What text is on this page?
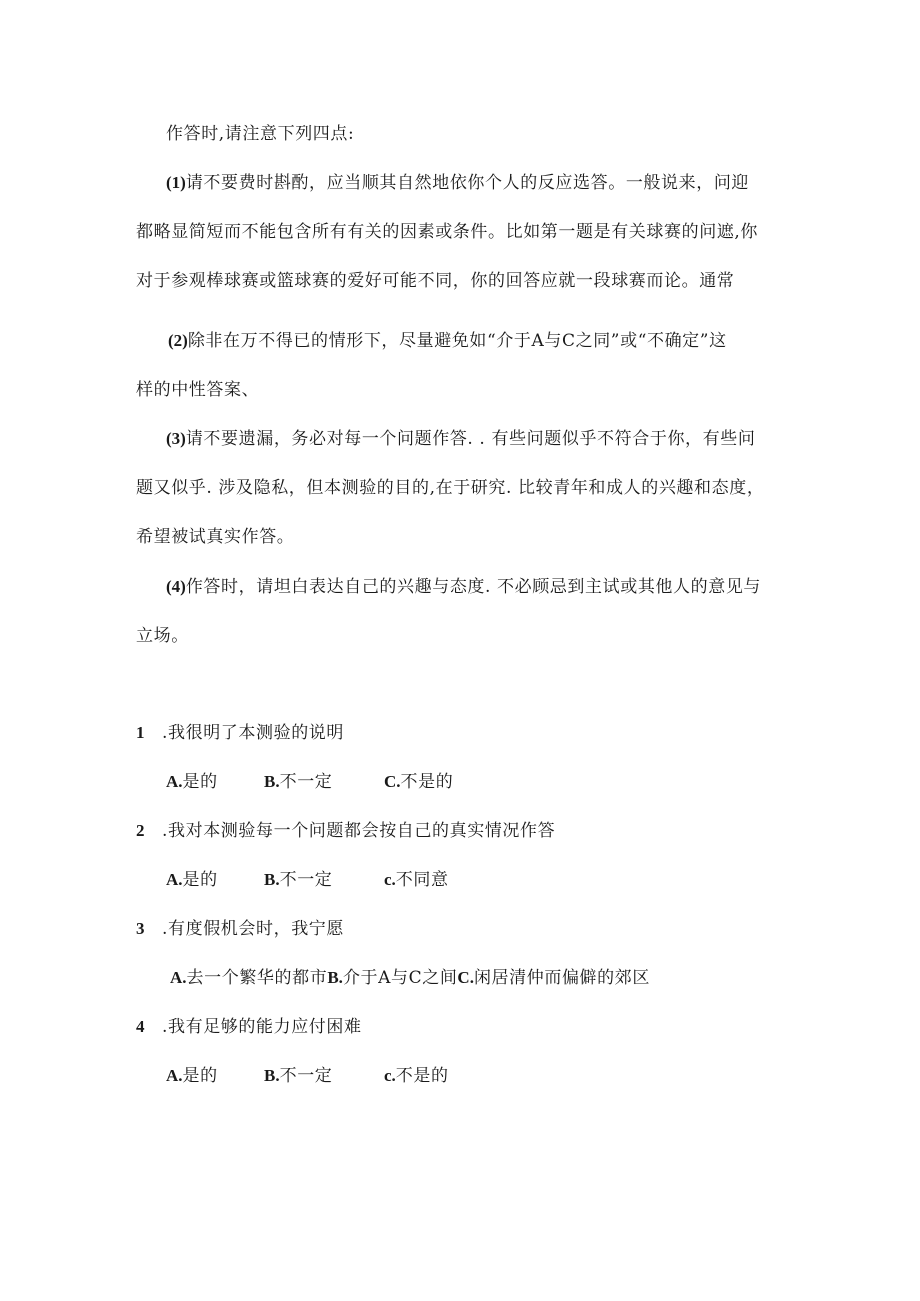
作答时,请注意下列四点:
(1)请不要费时斟酌，应当顺其自然地依你个人的反应选答。一般说来，问迎
都略显简短而不能包含所有有关的因素或条件。比如第一题是有关球赛的问遮,你
对于参观棒球赛或篮球赛的爱好可能不同，你的回答应就一段球赛而论。通常
(2)除非在万不得已的情形下，尽量避免如“介于A与C之同”或“不确定”这
样的中性答案、
(3)请不要遗漏，务必对每一个问题作答. . 有些问题似乎不符合于你，有些问
题又似乎. 涉及隐私，但本测验的目的,在于研究. 比较青年和成人的兴趣和态度，
希望被试真实作答。
(4)作答时，请坦白表达自己的兴趣与态度. 不必顾忌到主试或其他人的意见与
立场。
1 .我很明了本测验的说明
A.是的	B.不一定	C.不是的
2 .我对本测验每一个问题都会按自己的真实情况作答
A.是的	B.不一定	c.不同意
3 .有度假机会时，我宁愿
A.去一个繁华的都市B.介于A与C之间C.闲居清仲而偏僻的郊区
4 .我有足够的能力应付困难
A.是的	B.不一定	c.不是的
